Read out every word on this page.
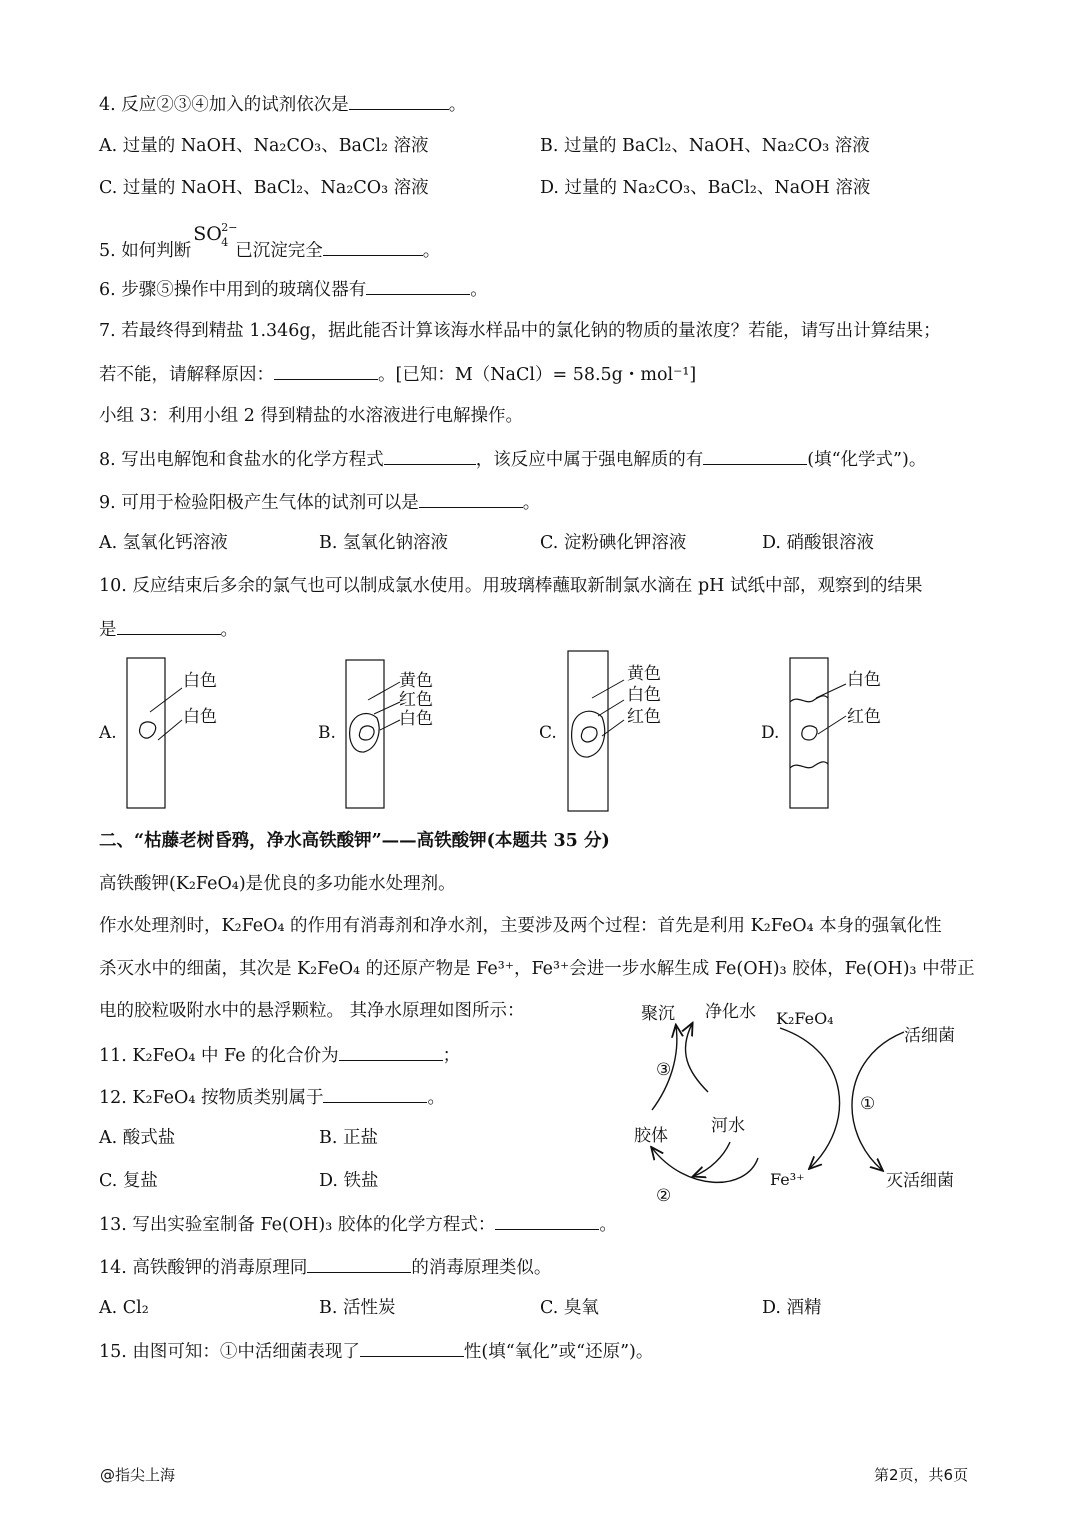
4. 反应②③④加入的试剂依次是	。
A. 过量的 NaOH、Na₂CO₃、BaCl₂ 溶液	B. 过量的 BaCl₂、NaOH、Na₂CO₃ 溶液
C. 过量的 NaOH、BaCl₂、Na₂CO₃ 溶液	D. 过量的 Na₂CO₃、BaCl₂、NaOH 溶液
5. 如何判断
SO 2−
4 已沉淀完全	。
6. 步骤⑤操作中用到的玻璃仪器有	。
7. 若最终得到精盐 1.346g，据此能否计算该海水样品中的氯化钠的物质的量浓度？若能，请写出计算结果；
若不能，请解释原因：	。[已知：M（NaCl）= 58.5g・mol⁻¹]
小组 3：利用小组 2 得到精盐的水溶液进行电解操作。
8. 写出电解饱和食盐水的化学方程式	，该反应中属于强电解质的有	(填“化学式”)。
9. 可用于检验阳极产生气体的试剂可以是	。
A. 氢氧化钙溶液	B. 氢氧化钠溶液	C. 淀粉碘化钾溶液	D. 硝酸银溶液
10. 反应结束后多余的氯气也可以制成氯水使用。用玻璃棒蘸取新制氯水滴在 pH 试纸中部，观察到的结果
是	。
A.
白色
白色
B.
黄色
红色
白色
C.
黄色
白色
红色
D.
白色
红色
二、“枯藤老树昏鸦，净水高铁酸钾”——高铁酸钾(本题共 35 分)
高铁酸钾(K₂FeO₄)是优良的多功能水处理剂。
作水处理剂时，K₂FeO₄ 的作用有消毒剂和净水剂，主要涉及两个过程：首先是利用 K₂FeO₄ 本身的强氧化性
杀灭水中的细菌，其次是 K₂FeO₄ 的还原产物是 Fe³⁺，Fe³⁺会进一步水解生成 Fe(OH)₃ 胶体，Fe(OH)₃ 中带正
电的胶粒吸附水中的悬浮颗粒。 其净水原理如图所示：	聚沉 净化水 K₂FeO₄
活细菌
③
①
胶体	河水
Fe³⁺	灭活细菌
②
11. K₂FeO₄ 中 Fe 的化合价为	；
12. K₂FeO₄ 按物质类别属于	。
A. 酸式盐	B. 正盐
C. 复盐	D. 铁盐
13. 写出实验室制备 Fe(OH)₃ 胶体的化学方程式：	。
14. 高铁酸钾的消毒原理同	的消毒原理类似。
A. Cl₂	B. 活性炭	C. 臭氧	D. 酒精
15. 由图可知：①中活细菌表现了	性(填“氧化”或“还原”)。
@指尖上海	第2页，共6页
